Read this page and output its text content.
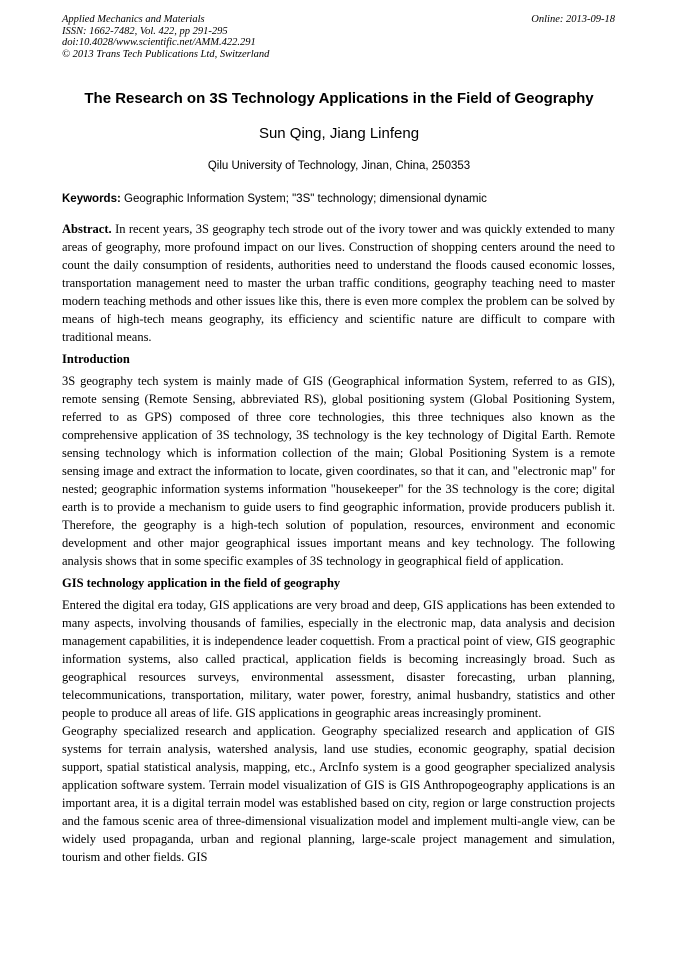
Applied Mechanics and Materials
ISSN: 1662-7482, Vol. 422, pp 291-295
doi:10.4028/www.scientific.net/AMM.422.291
© 2013 Trans Tech Publications Ltd, Switzerland
Online: 2013-09-18
The Research on 3S Technology Applications in the Field of Geography
Sun Qing, Jiang Linfeng
Qilu University of Technology, Jinan, China, 250353
Keywords: Geographic Information System; "3S" technology; dimensional dynamic

Abstract. In recent years, 3S geography tech strode out of the ivory tower and was quickly extended to many areas of geography, more profound impact on our lives. Construction of shopping centers around the need to count the daily consumption of residents, authorities need to understand the floods caused economic losses, transportation management need to master the urban traffic conditions, geography teaching need to master modern teaching methods and other issues like this, there is even more complex the problem can be solved by means of high-tech means geography, its efficiency and scientific nature are difficult to compare with traditional means.

Introduction

3S geography tech system is mainly made of GIS (Geographical information System, referred to as GIS), remote sensing (Remote Sensing, abbreviated RS), global positioning system (Global Positioning System, referred to as GPS) composed of three core technologies, this three techniques also known as the comprehensive application of 3S technology, 3S technology is the key technology of Digital Earth. Remote sensing technology which is information collection of the main; Global Positioning System is a remote sensing image and extract the information to locate, given coordinates, so that it can, and "electronic map" for nested; geographic information systems information "housekeeper" for the 3S technology is the core; digital earth is to provide a mechanism to guide users to find geographic information, provide producers publish it. Therefore, the geography is a high-tech solution of population, resources, environment and economic development and other major geographical issues important means and key technology. The following analysis shows that in some specific examples of 3S technology in geographical field of application.

GIS technology application in the field of geography

Entered the digital era today, GIS applications are very broad and deep, GIS applications has been extended to many aspects, involving thousands of families, especially in the electronic map, data analysis and decision management capabilities, it is independence leader coquettish. From a practical point of view, GIS geographic information systems, also called practical, application fields is becoming increasingly broad. Such as geographical resources surveys, environmental assessment, disaster forecasting, urban planning, telecommunications, transportation, military, water power, forestry, animal husbandry, statistics and other people to produce all areas of life. GIS applications in geographic areas increasingly prominent.

Geography specialized research and application. Geography specialized research and application of GIS systems for terrain analysis, watershed analysis, land use studies, economic geography, spatial decision support, spatial statistical analysis, mapping, etc., ArcInfo system is a good geographer specialized analysis application software system. Terrain model visualization of GIS is GIS Anthropogeography applications is an important area, it is a digital terrain model was established based on city, region or large construction projects and the famous scenic area of three-dimensional visualization model and implement multi-angle view, can be widely used propaganda, urban and regional planning, large-scale project management and simulation, tourism and other fields. GIS
